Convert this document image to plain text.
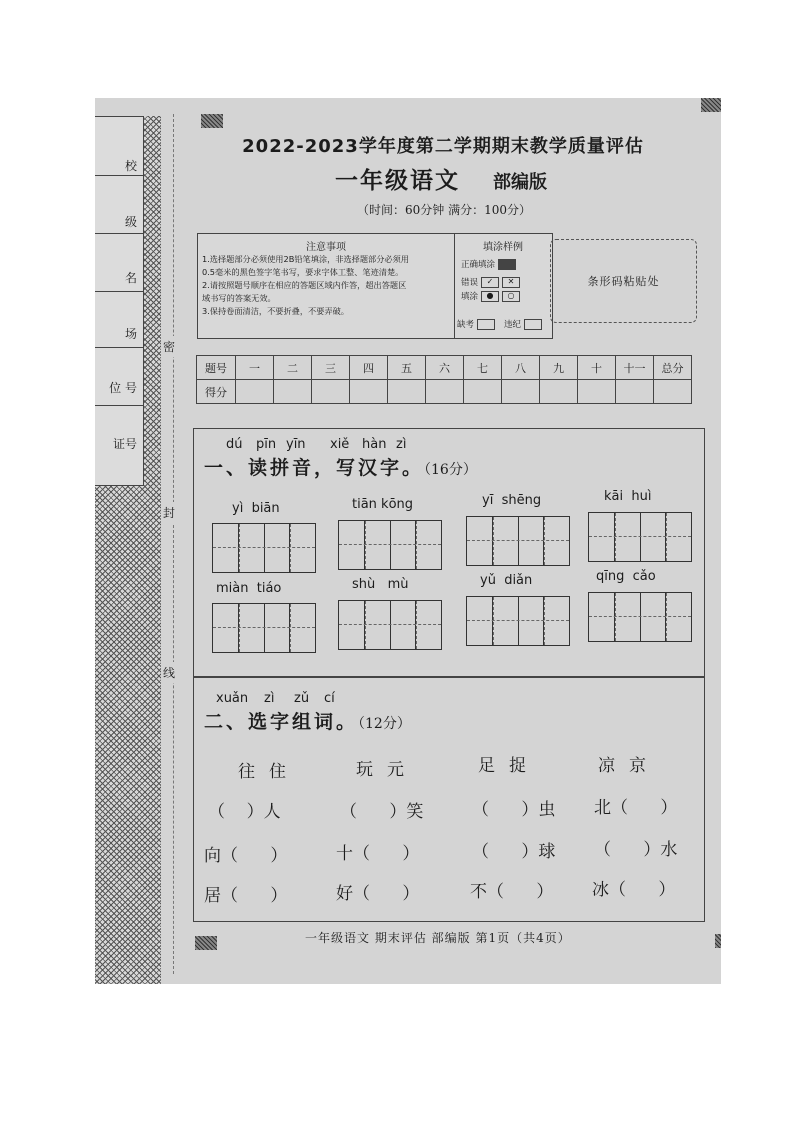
校
级
名
场
位 号
证号
密
封
线
2022-2023学年度第二学期期末教学质量评估
一年级语文 部编版
（时间：60分钟 满分：100分）
注意事项
1.选择题部分必须使用2B铅笔填涂，非选择题部分必须用
0.5毫米的黑色签字笔书写，要求字体工整、笔迹清楚。
2.请按照题号顺序在相应的答题区域内作答，超出答题区
域书写的答案无效。
3.保持卷面清洁，不要折叠，不要弄破。
填涂样例
正确填涂
错误	✓	✕
填涂	●	○
缺考	违纪
条形码粘贴处
题号	一	二	三	四	五	六	七	八	九	十	十一	总分
得分												
dú pīn yīn xiě hàn zì
一、读拼音，写汉字。（16分）
yì  biān	tiān kōng	yī  shēng	kāi  huì
miàn  tiáo	shù   mù	yǔ  diǎn	qīng  cǎo
xuǎn zì zǔ cí
二、选字组词。（12分）
往住	玩元	足捉	凉京
（    ）人	（      ）笑	（      ）虫 北（      ）
向（      ）	十（      ）	（      ）球 （      ）水
居（      ）	好（      ）	不（      ） 冰（      ）
一年级语文 期末评估 部编版 第1页（共4页）
